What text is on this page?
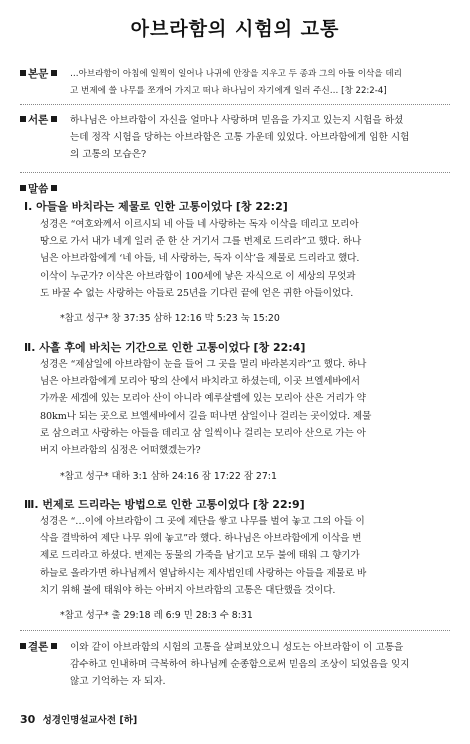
아브라함의 시험의 고통
본문	…아브라함이 아침에 일찍이 일어나 나귀에 안장을 지우고 두 종과 그의 아들 이삭을 데리
고 번제에 쓸 나무를 쪼개어 가지고 떠나 하나님이 자기에게 일러 주신… [창 22:2-4]
서론 하나님은 아브라함이 자신을 얼마나 사랑하며 믿음을 가지고 있는지 시험을 하셨
는데 정작 시험을 당하는 아브라함은 고통 가운데 있었다. 아브라함에게 임한 시험
의 고통의 모습은?
말씀
Ⅰ. 아들을 바치라는 제물로 인한 고통이었다 [창 22:2]
성경은 “여호와께서 이르시되 네 아들 네 사랑하는 독자 이삭을 데리고 모리아
땅으로 가서 내가 네게 일러 준 한 산 거기서 그를 번제로 드리라”고 했다. 하나
님은 아브라함에게 ‘네 아들, 네 사랑하는, 독자 이삭’을 제물로 드리라고 했다.
이삭이 누군가? 이삭은 아브라함이 100세에 낳은 자식으로 이 세상의 무엇과
도 바꿀 수 없는 사랑하는 아들로 25년을 기다린 끝에 얻은 귀한 아들이었다.
*참고 성구* 창 37:35 삼하 12:16 막 5:23 눅 15:20
Ⅱ. 사흘 후에 바치는 기간으로 인한 고통이었다 [창 22:4]
성경은 “제삼일에 아브라함이 눈을 들어 그 곳을 멀리 바라본지라”고 했다. 하나
님은 아브라함에게 모리아 땅의 산에서 바치라고 하셨는데, 이곳 브엘세바에서
가까운 세겜에 있는 모리아 산이 아니라 예루살렘에 있는 모리아 산은 거리가 약
80km나 되는 곳으로 브엘세바에서 길을 떠나면 삼일이나 걸리는 곳이었다. 제물
로 삼으려고 사랑하는 아들을 데리고 삼 일씩이나 걸리는 모리아 산으로 가는 아
버지 아브라함의 심정은 어떠했겠는가?
*참고 성구* 대하 3:1 삼하 24:16 잠 17:22 잠 27:1
Ⅲ. 번제로 드리라는 방법으로 인한 고통이었다 [창 22:9]
성경은 “…이에 아브라함이 그 곳에 제단을 쌓고 나무를 벌여 놓고 그의 아들 이
삭을 결박하여 제단 나무 위에 놓고”라 했다. 하나님은 아브라함에게 이삭을 번
제로 드리라고 하셨다. 번제는 동물의 가죽을 남기고 모두 불에 태워 그 향기가
하늘로 올라가면 하나님께서 열납하시는 제사법인데 사랑하는 아들을 제물로 바
치기 위해 불에 태워야 하는 아버지 아브라함의 고통은 대단했을 것이다.
*참고 성구* 출 29:18 레 6:9 민 28:3 수 8:31
결론 이와 같이 아브라함의 시험의 고통을 살펴보았으니 성도는 아브라함이 이 고통을
감수하고 인내하며 극복하여 하나님께 순종함으로써 믿음의 조상이 되었음을 잊지
않고 기억하는 자 되자.
30 성경인명설교사전 [하]
